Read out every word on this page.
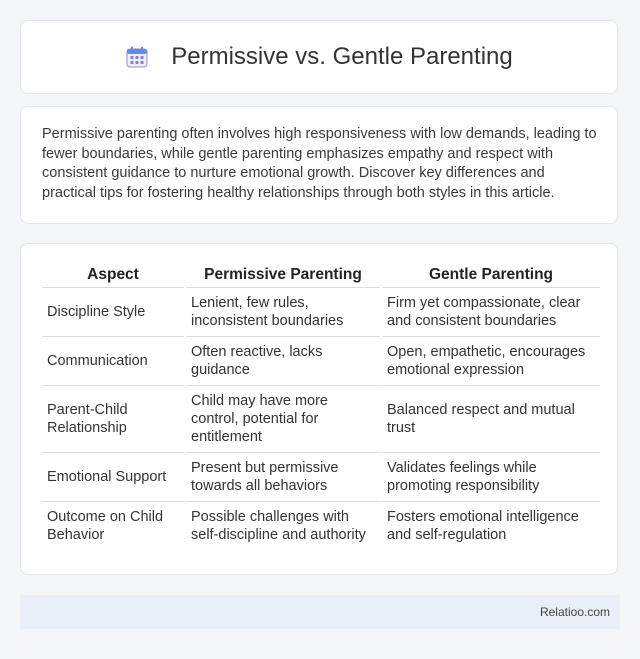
Permissive vs. Gentle Parenting

Permissive parenting often involves high responsiveness with low demands, leading to fewer boundaries, while gentle parenting emphasizes empathy and respect with consistent guidance to nurture emotional growth. Discover key differences and practical tips for fostering healthy relationships through both styles in this article.

Aspect	Permissive Parenting	Gentle Parenting
Discipline Style	Lenient, few rules, inconsistent boundaries	Firm yet compassionate, clear and consistent boundaries
Communication	Often reactive, lacks guidance	Open, empathetic, encourages emotional expression
Parent-Child Relationship	Child may have more control, potential for entitlement	Balanced respect and mutual trust
Emotional Support	Present but permissive towards all behaviors	Validates feelings while promoting responsibility
Outcome on Child Behavior	Possible challenges with self-discipline and authority	Fosters emotional intelligence and self-regulation
Relatioo.com
